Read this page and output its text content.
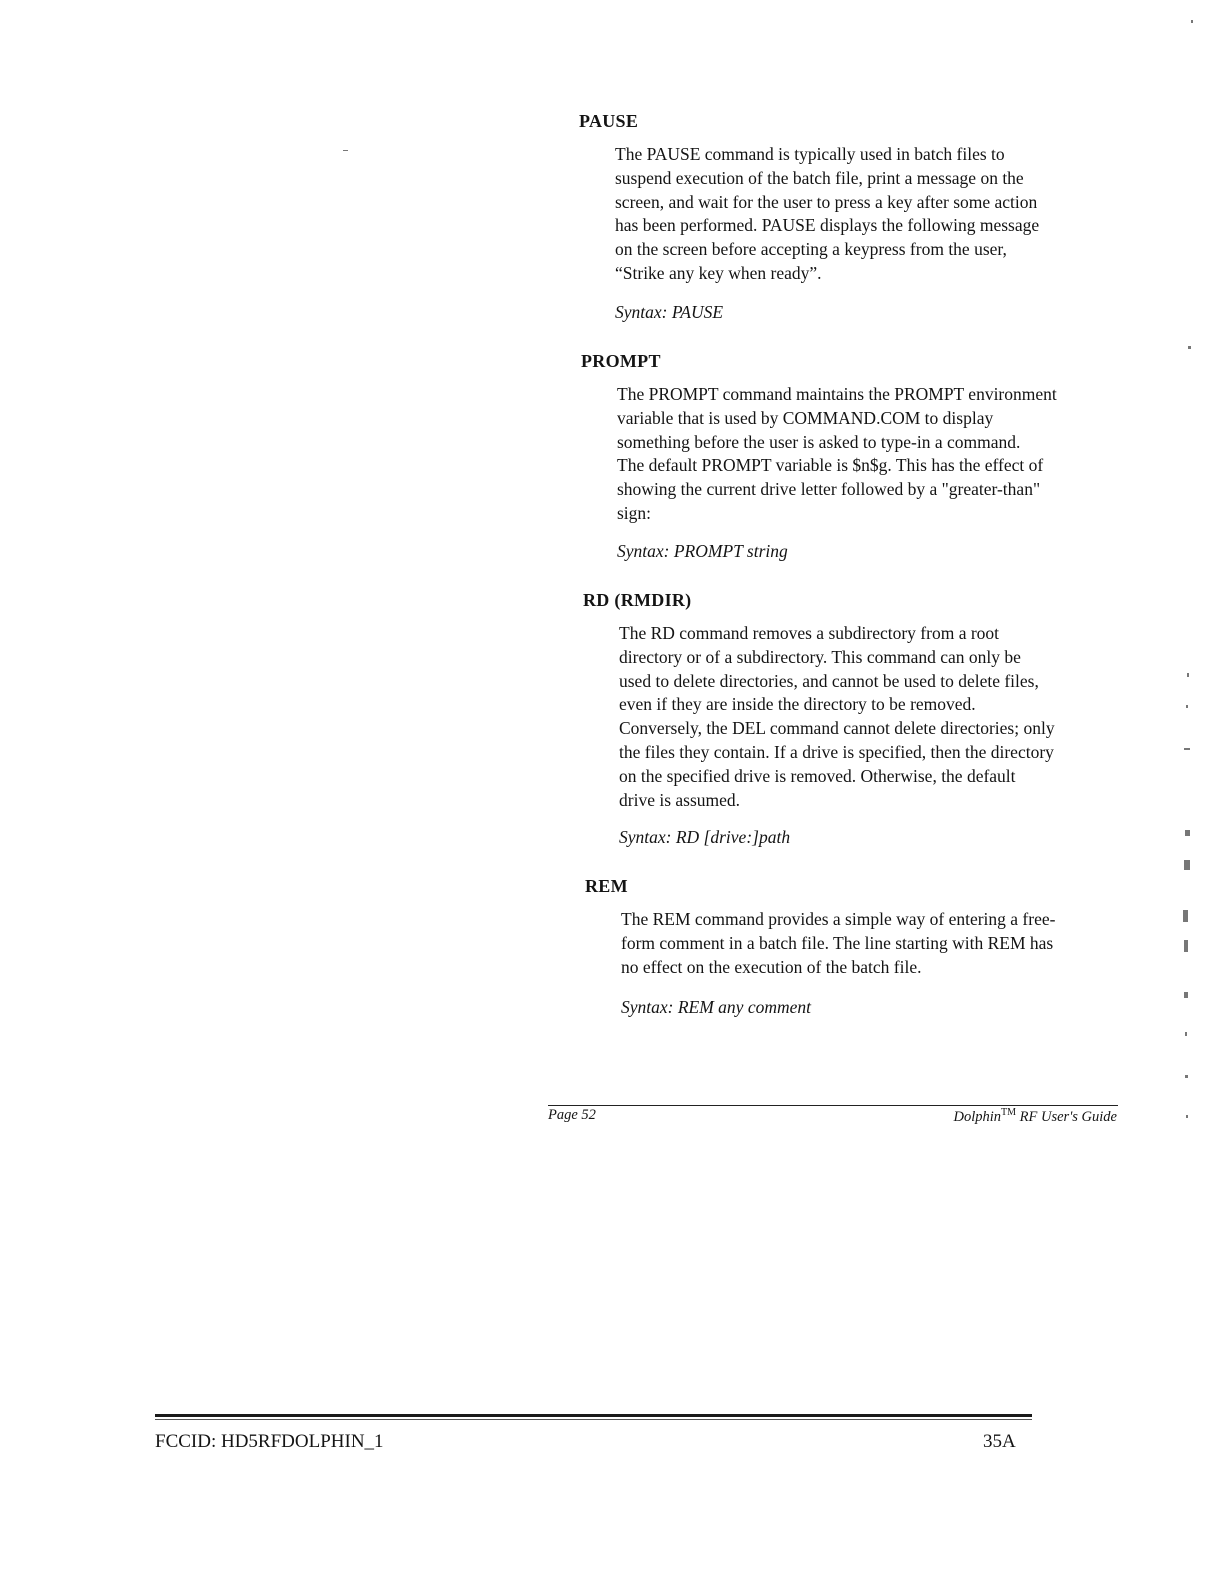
PAUSE
The PAUSE command is typically used in batch files to
suspend execution of the batch file, print a message on the
screen, and wait for the user to press a key after some action
has been performed. PAUSE displays the following message
on the screen before accepting a keypress from the user,
“Strike any key when ready”.

Syntax: PAUSE

PROMPT
The PROMPT command maintains the PROMPT environment
variable that is used by COMMAND.COM to display
something before the user is asked to type-in a command.
The default PROMPT variable is $n$g. This has the effect of
showing the current drive letter followed by a "greater-than"
sign:

Syntax: PROMPT string

RD (RMDIR)
The RD command removes a subdirectory from a root
directory or of a subdirectory. This command can only be
used to delete directories, and cannot be used to delete files,
even if they are inside the directory to be removed.
Conversely, the DEL command cannot delete directories; only
the files they contain. If a drive is specified, then the directory
on the specified drive is removed. Otherwise, the default
drive is assumed.

Syntax: RD [drive:]path

REM
The REM command provides a simple way of entering a free-
form comment in a batch file. The line starting with REM has
no effect on the execution of the batch file.

Syntax: REM any comment

Page 52	Dolphin™ RF User's Guide
FCCID: HD5RFDOLPHIN_1	35A
